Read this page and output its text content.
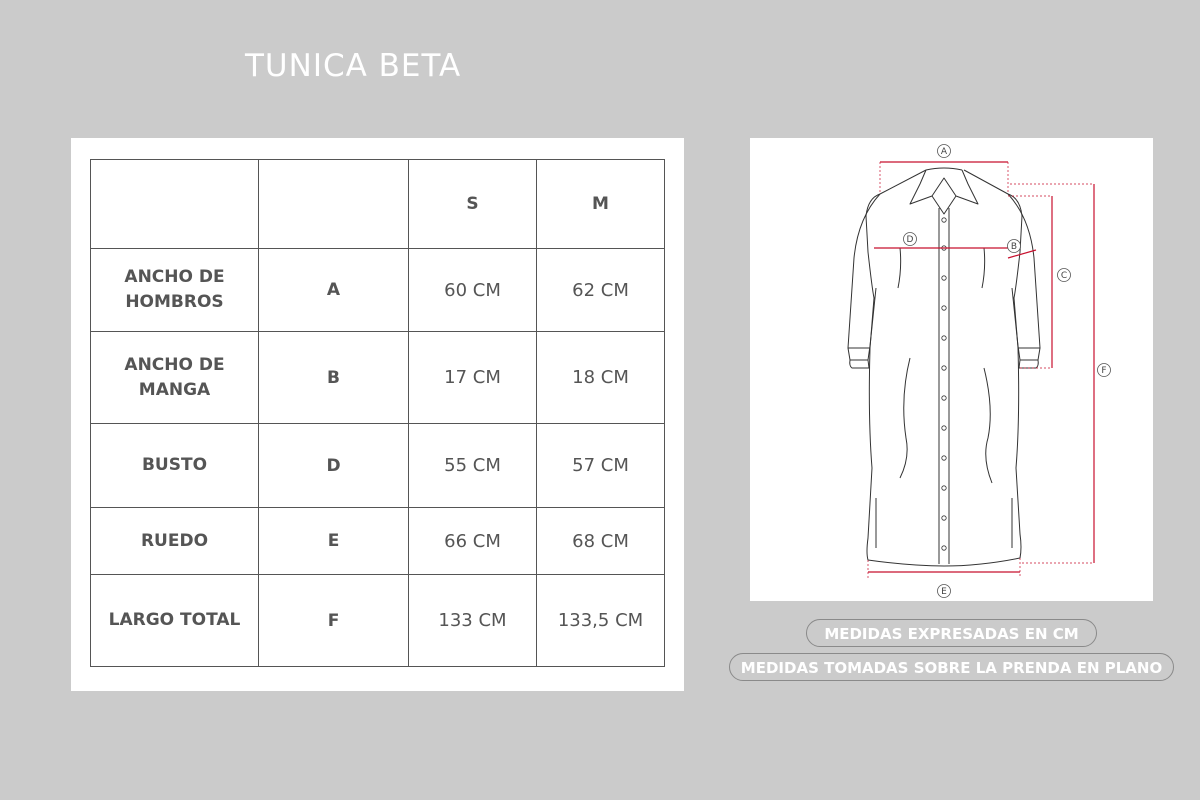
TUNICA BETA
		S	M
ANCHO DE HOMBROS	A	60 CM	62 CM
ANCHO DE MANGA	B	17 CM	18 CM
BUSTO	D	55 CM	57 CM
RUEDO	E	66 CM	68 CM
LARGO TOTAL	F	133 CM	133,5 CM
A
B
C
D
E
F
MEDIDAS EXPRESADAS EN CM
MEDIDAS TOMADAS SOBRE LA PRENDA EN PLANO
